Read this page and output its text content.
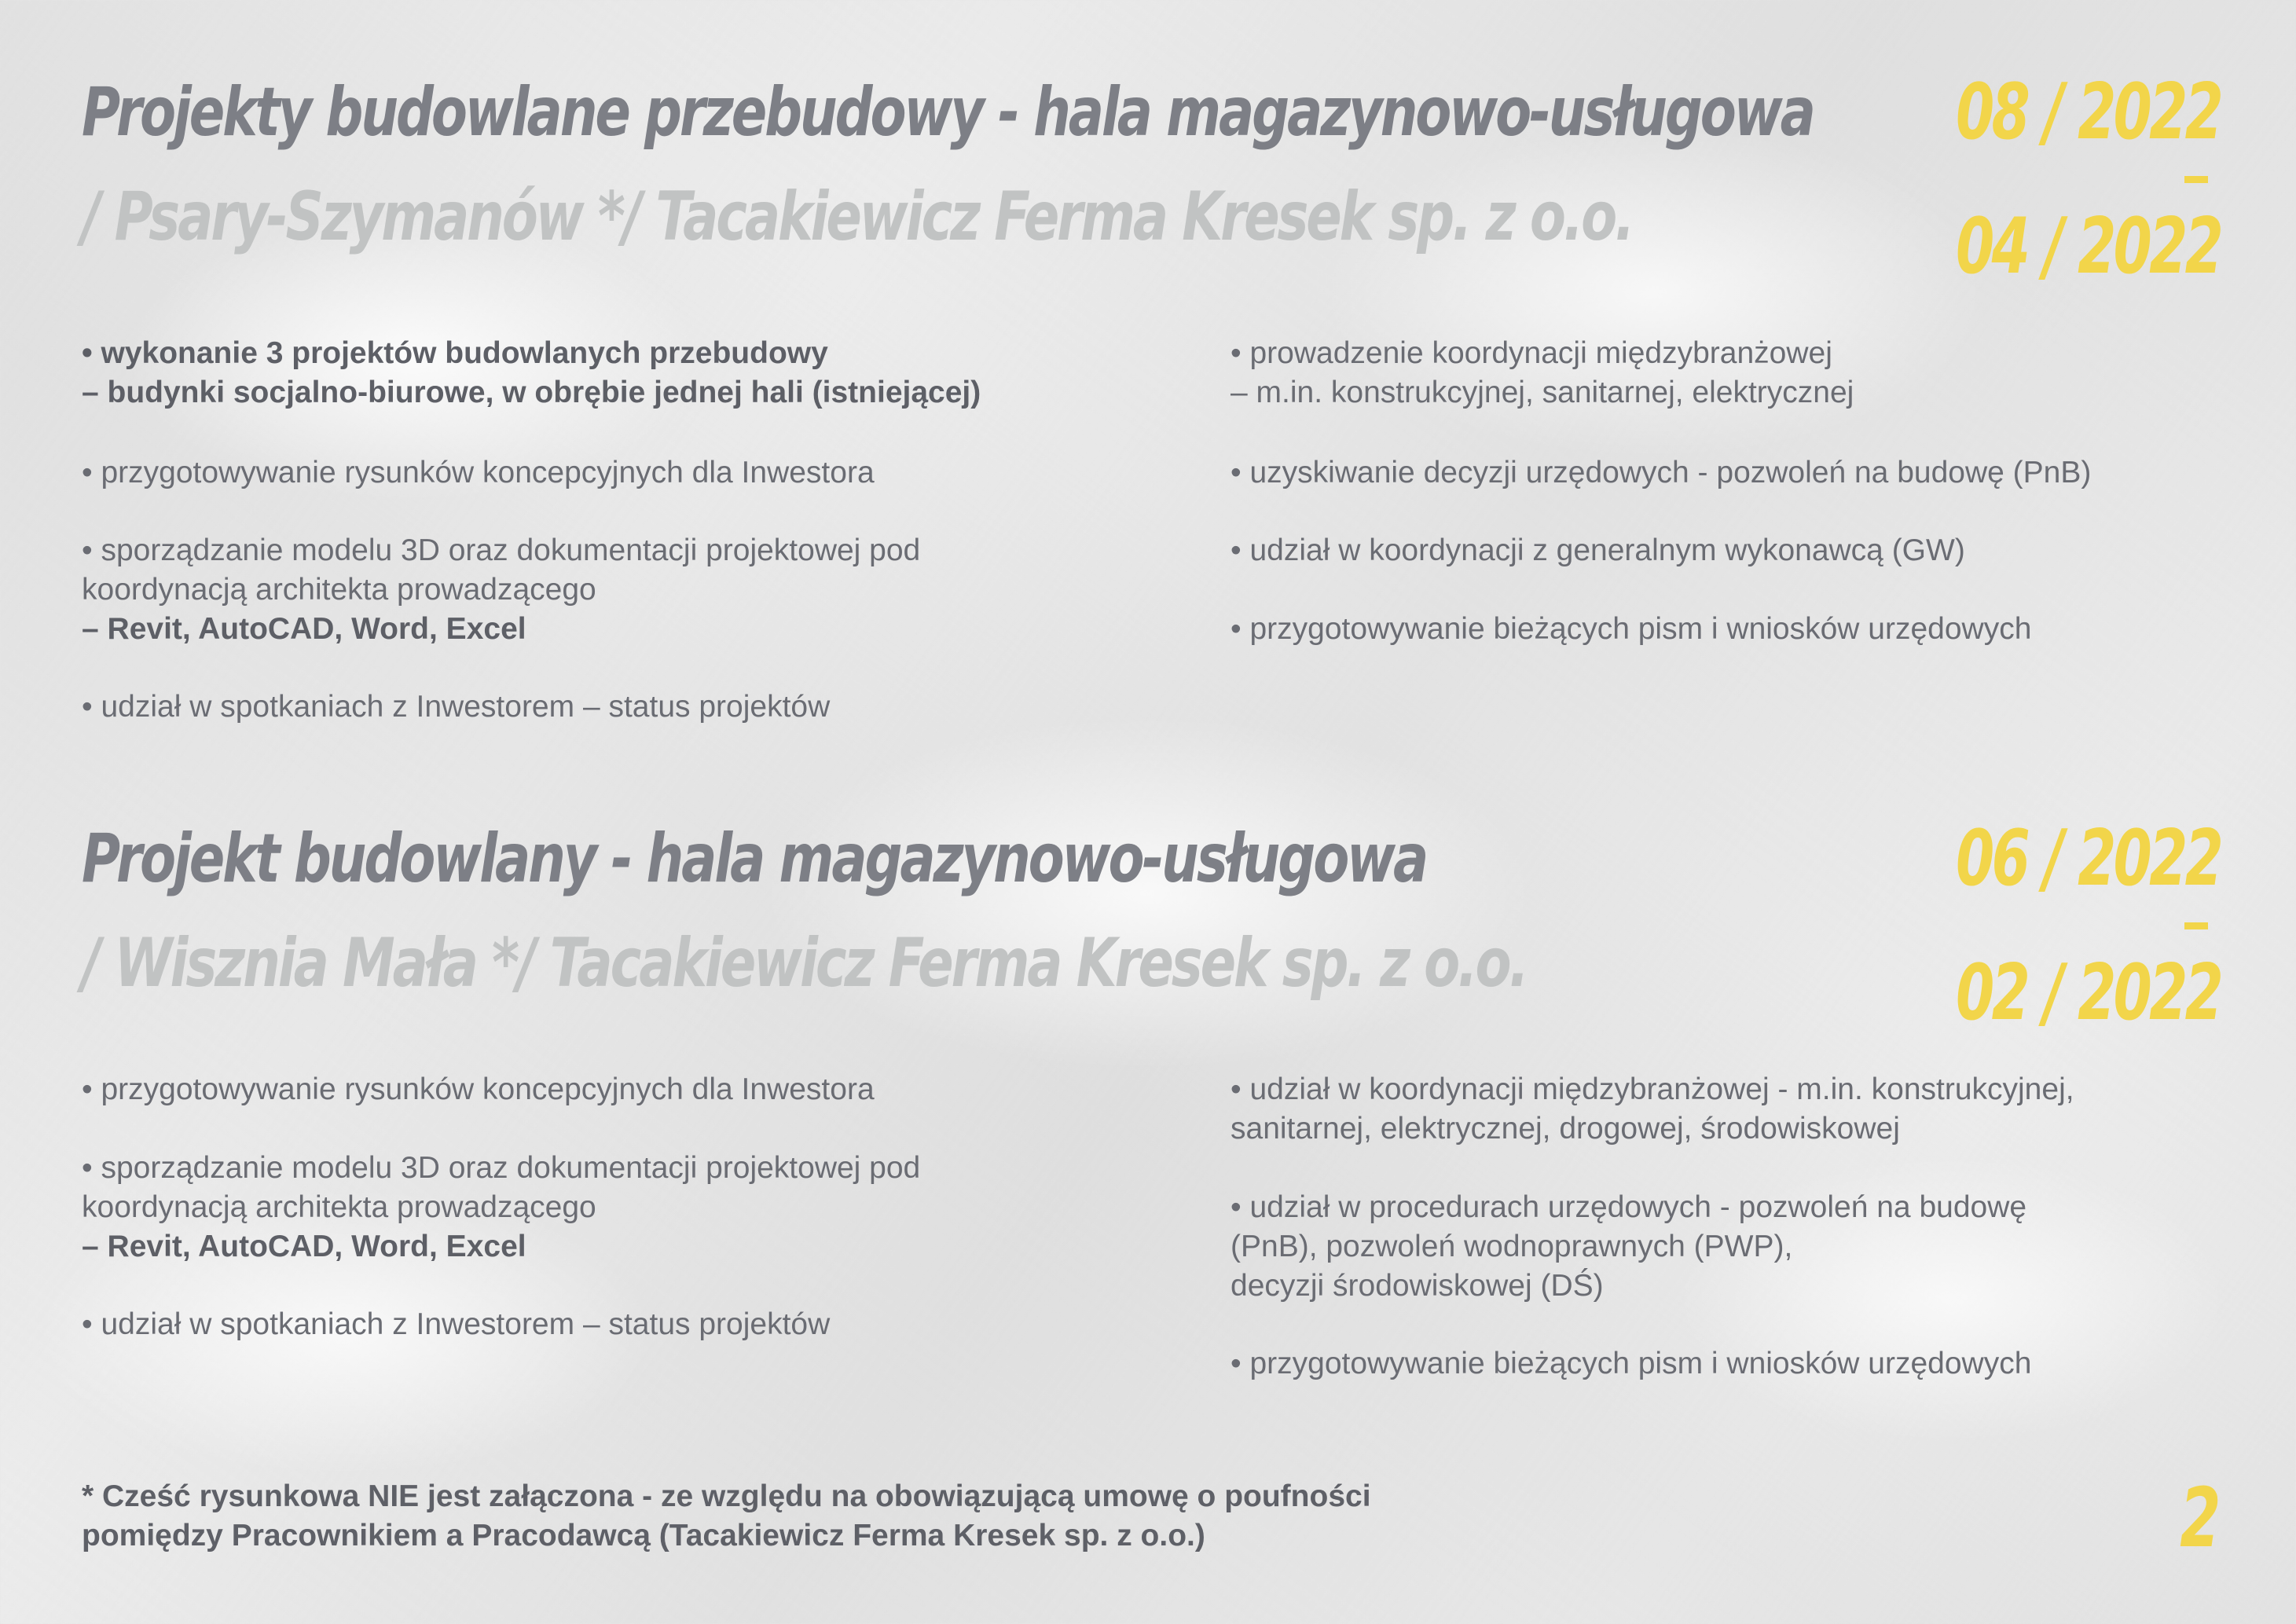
Projekty budowlane przebudowy - hala magazynowo-usługowa
/ Psary-Szymanów */ Tacakiewicz Ferma Kresek sp. z o.o.
08 / 2022
04 / 2022
• wykonanie 3 projektów budowlanych przebudowy
– budynki socjalno-biurowe, w obrębie jednej hali (istniejącej)
• przygotowywanie rysunków koncepcyjnych dla Inwestora
• sporządzanie modelu 3D oraz dokumentacji projektowej pod
koordynacją architekta prowadzącego
– Revit, AutoCAD, Word, Excel
• udział w spotkaniach z Inwestorem – status projektów
• prowadzenie koordynacji międzybranżowej
– m.in. konstrukcyjnej, sanitarnej, elektrycznej
• uzyskiwanie decyzji urzędowych - pozwoleń na budowę (PnB)
• udział w koordynacji z generalnym wykonawcą (GW)
• przygotowywanie bieżących pism i wniosków urzędowych
Projekt budowlany - hala magazynowo-usługowa
/ Wisznia Mała */ Tacakiewicz Ferma Kresek sp. z o.o.
06 / 2022
02 / 2022
• przygotowywanie rysunków koncepcyjnych dla Inwestora
• sporządzanie modelu 3D oraz dokumentacji projektowej pod
koordynacją architekta prowadzącego
– Revit, AutoCAD, Word, Excel
• udział w spotkaniach z Inwestorem – status projektów
• udział w koordynacji międzybranżowej - m.in. konstrukcyjnej,
sanitarnej, elektrycznej, drogowej, środowiskowej
• udział w procedurach urzędowych - pozwoleń na budowę
(PnB), pozwoleń wodnoprawnych (PWP),
decyzji środowiskowej (DŚ)
• przygotowywanie bieżących pism i wniosków urzędowych
* Cześć rysunkowa NIE jest załączona - ze względu na obowiązującą umowę o poufności
pomiędzy Pracownikiem a Pracodawcą (Tacakiewicz Ferma Kresek sp. z o.o.)	2
